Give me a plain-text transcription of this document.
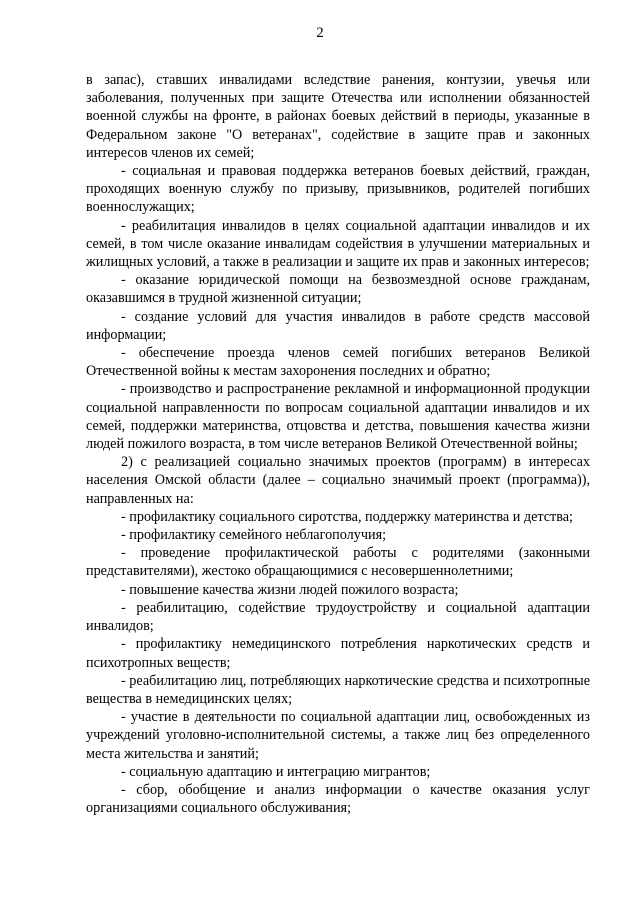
2

в запас), ставших инвалидами вследствие ранения, контузии, увечья или заболевания, полученных при защите Отечества или исполнении обязанностей военной службы на фронте, в районах боевых действий в периоды, указанные в Федеральном законе "О ветеранах", содействие в защите прав и законных интересов членов их семей;

- социальная и правовая поддержка ветеранов боевых действий, граждан, проходящих военную службу по призыву, призывников, родителей погибших военнослужащих;

- реабилитация инвалидов в целях социальной адаптации инвалидов и их семей, в том числе оказание инвалидам содействия в улучшении материальных и жилищных условий, а также в реализации и защите их прав и законных интересов;

- оказание юридической помощи на безвозмездной основе гражданам, оказавшимся в трудной жизненной ситуации;

- создание условий для участия инвалидов в работе средств массовой информации;

- обеспечение проезда членов семей погибших ветеранов Великой Отечественной войны к местам захоронения последних и обратно;

- производство и распространение рекламной и информационной продукции социальной направленности по вопросам социальной адаптации инвалидов и их семей, поддержки материнства, отцовства и детства, повышения качества жизни людей пожилого возраста, в том числе ветеранов Великой Отечественной войны;

2) с реализацией социально значимых проектов (программ) в интересах населения Омской области (далее – социально значимый проект (программа)), направленных на:

- профилактику социального сиротства, поддержку материнства и детства;

- профилактику семейного неблагополучия;

- проведение профилактической работы с родителями (законными представителями), жестоко обращающимися с несовершеннолетними;

- повышение качества жизни людей пожилого возраста;

- реабилитацию, содействие трудоустройству и социальной адаптации инвалидов;

- профилактику немедицинского потребления наркотических средств и психотропных веществ;

- реабилитацию лиц, потребляющих наркотические средства и психотропные вещества в немедицинских целях;

- участие в деятельности по социальной адаптации лиц, освобожденных из учреждений уголовно-исполнительной системы, а также лиц без определенного места жительства и занятий;

- социальную адаптацию и интеграцию мигрантов;

- сбор, обобщение и анализ информации о качестве оказания услуг организациями социального обслуживания;
